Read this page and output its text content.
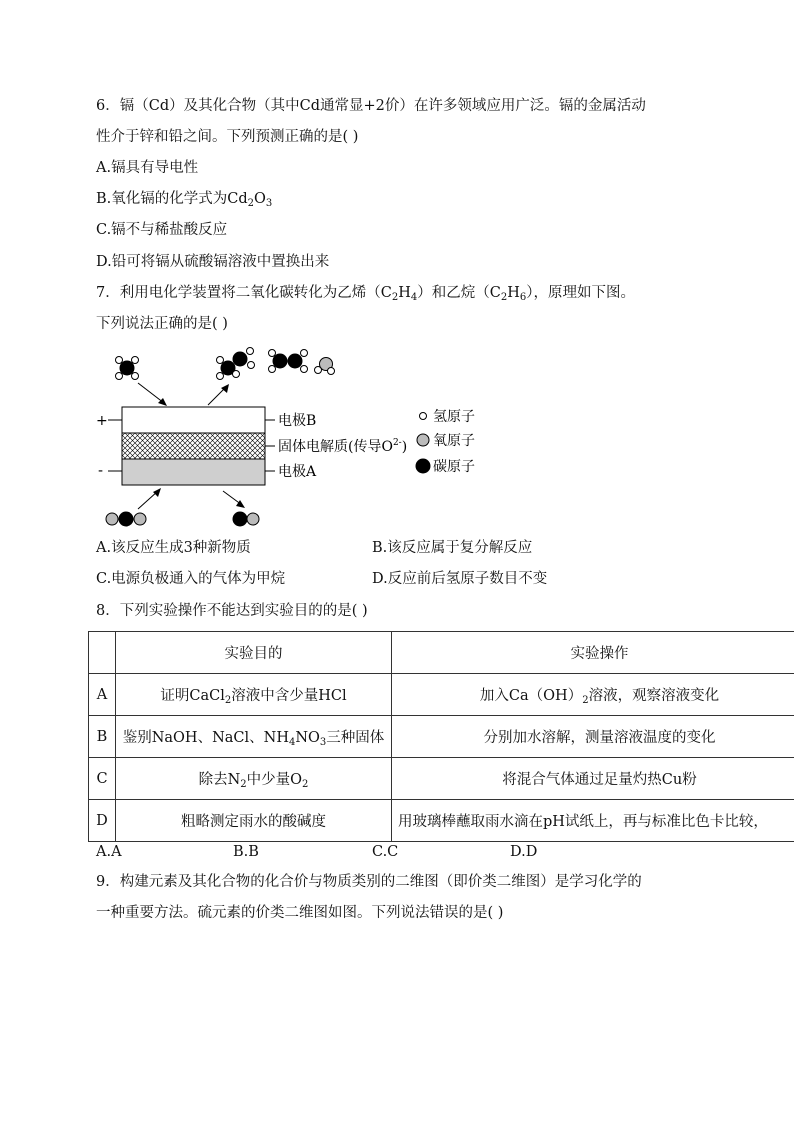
6．镉（Cd）及其化合物（其中Cd通常显+2价）在许多领域应用广泛。镉的金属活动
性介于锌和铅之间。下列预测正确的是( )
A.镉具有导电性
B.氧化镉的化学式为$Cd_2O_3$
C.镉不与稀盐酸反应
D.铅可将镉从硫酸镉溶液中置换出来
7．利用电化学装置将二氧化碳转化为乙烯$(C_2H_4)$和乙烷$(C_2H_6)$，原理如下图。
下列说法正确的是( )
+
-
电极B
固体电解质(传导$O^{2-}$)
电极A
氢原子
氧原子
碳原子
A.该反应生成3种新物质	B.该反应属于复分解反应
C.电源负极通入的气体为甲烷	D.反应前后氢原子数目不变
8．下列实验操作不能达到实验目的的是( )
	实验目的	实验操作
A	证明CaCl$_2$溶液中含少量HCl	加入$Ca(OH)_2$溶液，观察溶液变化
B	鉴别NaOH、NaCl、$NH_4NO_3$三种固体	分别加水溶解，测量溶液温度的变化
C	除去$N_2$中少量$O_2$	将混合气体通过足量灼热Cu粉
D	粗略测定雨水的酸碱度	用玻璃棒蘸取雨水滴在pH试纸上，再与标准比色卡比较，
A.A	B.B	C.C	D.D
9．构建元素及其化合物的化合价与物质类别的二维图（即价类二维图）是学习化学的
一种重要方法。硫元素的价类二维图如图。下列说法错误的是( )
